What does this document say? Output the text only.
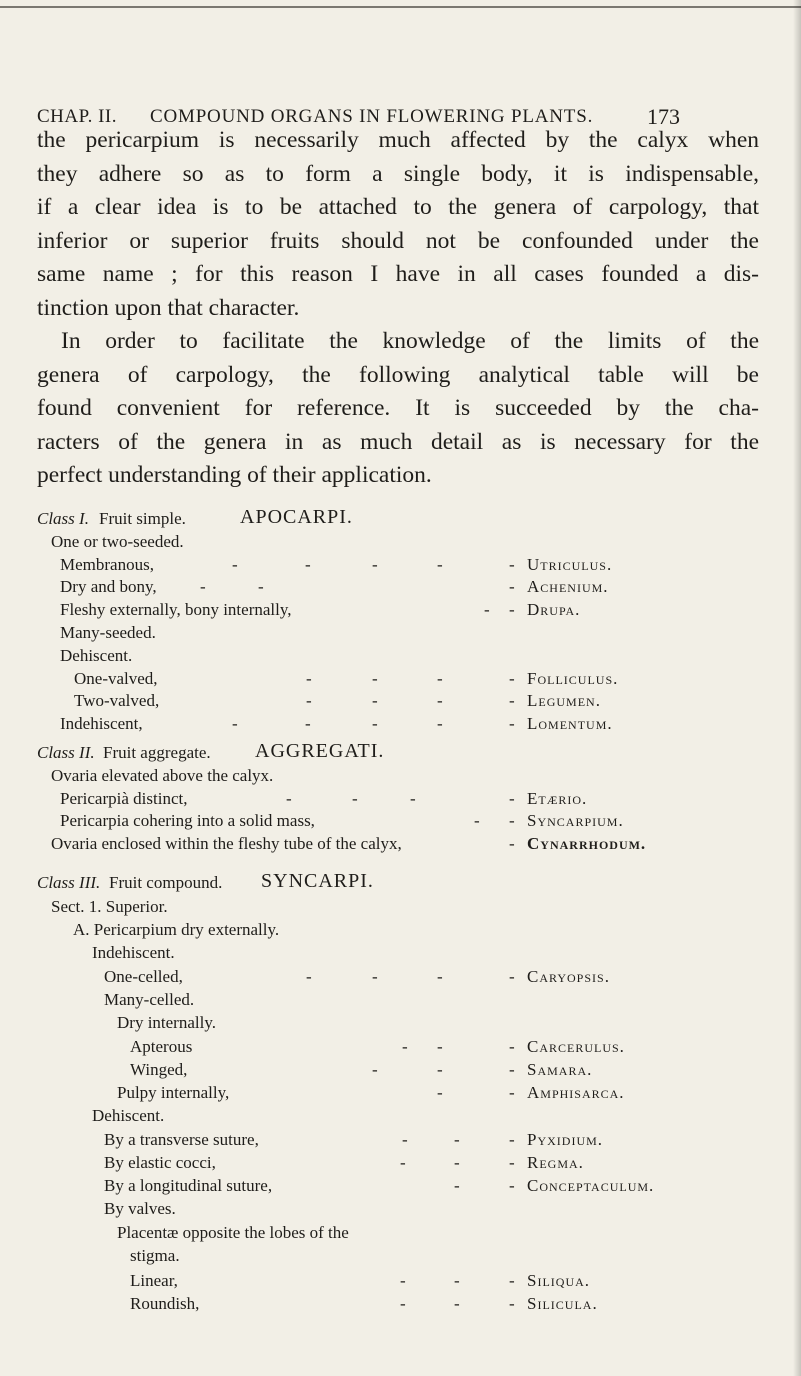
CHAP. II. COMPOUND ORGANS IN FLOWERING PLANTS. 173

the pericarpium is necessarily much affected by the calyx when
they adhere so as to form a single body, it is indispensable,
if a clear idea is to be attached to the genera of carpology, that
inferior or superior fruits should not be confounded under the
same name ; for this reason I have in all cases founded a dis-
tinction upon that character.

In order to facilitate the knowledge of the limits of the
genera of carpology, the following analytical table will be
found convenient for reference. It is succeeded by the cha-
racters of the genera in as much detail as is necessary for the
perfect understanding of their application.

Class I. Fruit simple.	APOCARPI.
One or two-seeded.
Membranous,	-	-	-	-	- Utriculus.
Dry and bony,	-	-	- Achenium.
Fleshy externally, bony internally,	- - Drupa.
Many-seeded.
Dehiscent.
One-valved,	-	-	-	- Folliculus.
Two-valved,	-	-	-	- Legumen.
Indehiscent,	-	-	-	-	- Lomentum.
Class II. Fruit aggregate. AGGREGATI.
Ovaria elevated above the calyx.
Pericarpià distinct,	-	-	-	- Etærio.
Pericarpia cohering into a solid mass,	- - Syncarpium.
Ovaria enclosed within the fleshy tube of the calyx,	- Cynarrhodum.
Class III. Fruit compound. SYNCARPI.
Sect. 1. Superior.
A. Pericarpium dry externally.
Indehiscent.
One-celled,	-	-	-	- Caryopsis.
Many-celled.
Dry internally.
Apterous	- -	- Carcerulus.
Winged,	-	-	- Samara.
Pulpy internally,	-	- Amphisarca.
Dehiscent.
By a transverse suture,	-	-	- Pyxidium.
By elastic cocci,	-	-	- Regma.
By a longitudinal suture,	-	- Conceptaculum.
By valves.
Placentæ opposite the lobes of the
stigma.
Linear,	-	-	- Siliqua.
Roundish,	-	-	- Silicula.
